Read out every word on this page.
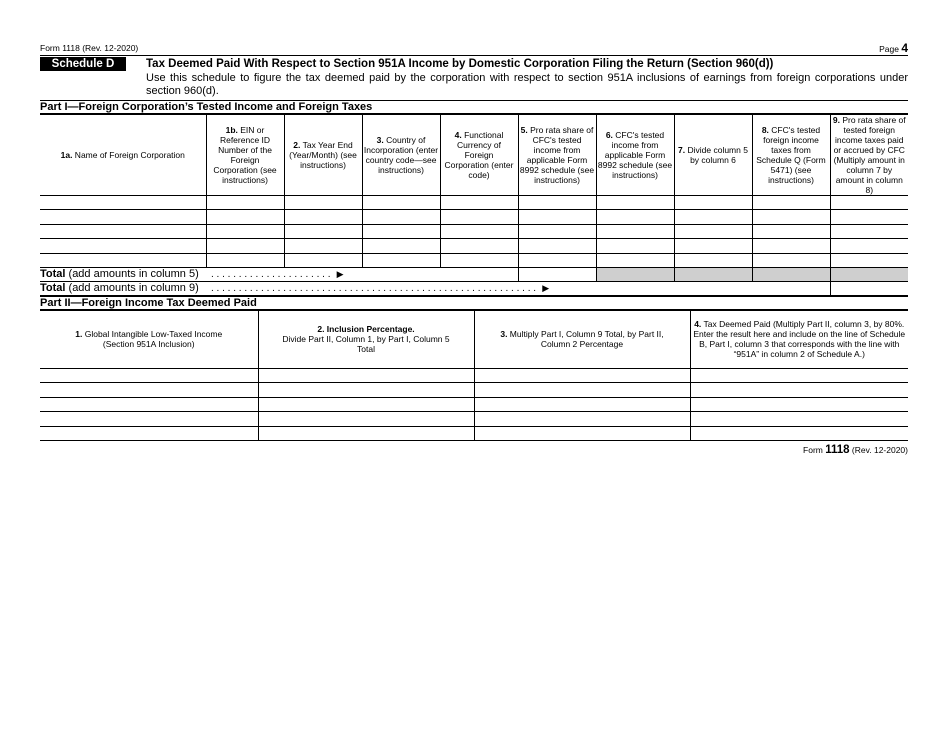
Form 1118 (Rev. 12-2020)	Page 4
Schedule D	Tax Deemed Paid With Respect to Section 951A Income by Domestic Corporation Filing the Return (Section 960(d))
Use this schedule to figure the tax deemed paid by the corporation with respect to section 951A inclusions of earnings from foreign corporations under section 960(d).
Part I—Foreign Corporation’s Tested Income and Foreign Taxes
1a. Name of Foreign Corporation	1b. EIN or Reference ID Number of the Foreign Corporation (see instructions)	2. Tax Year End (Year/Month) (see instructions)	3. Country of Incorporation (enter country code—see instructions)	4. Functional Currency of Foreign Corporation (enter code)	5. Pro rata share of CFC's tested income from applicable Form 8992 schedule (see instructions)	6. CFC's tested income from applicable Form 8992 schedule (see instructions)	7. Divide column 5 by column 6	8. CFC's tested foreign income taxes from Schedule Q (Form 5471) (see instructions)	9. Pro rata share of tested foreign income taxes paid or accrued by CFC (Multiply amount in column 7 by amount in column 8)

Total (add amounts in column 5) . . . . . . . . . . . . . . . . . . . . . . ▶									
Total (add amounts in column 9) . . . . . . . . . . . . . . . . . . . . . . . . . . . . . . . . . . . . . . . . . . . . . . . . . . . . . . . . . . . ▶									
Part II—Foreign Income Tax Deemed Paid
1. Global Intangible Low-Taxed Income (Section 951A Inclusion)	2. Inclusion Percentage.
Divide Part II, Column 1, by Part I, Column 5 Total	3. Multiply Part I, Column 9 Total, by Part II, Column 2 Percentage	4. Tax Deemed Paid (Multiply Part II, column 3, by 80%. Enter the result here and include on the line of Schedule B, Part I, column 3 that corresponds with the line with “951A” in column 2 of Schedule A.)

Form 1118 (Rev. 12-2020)
